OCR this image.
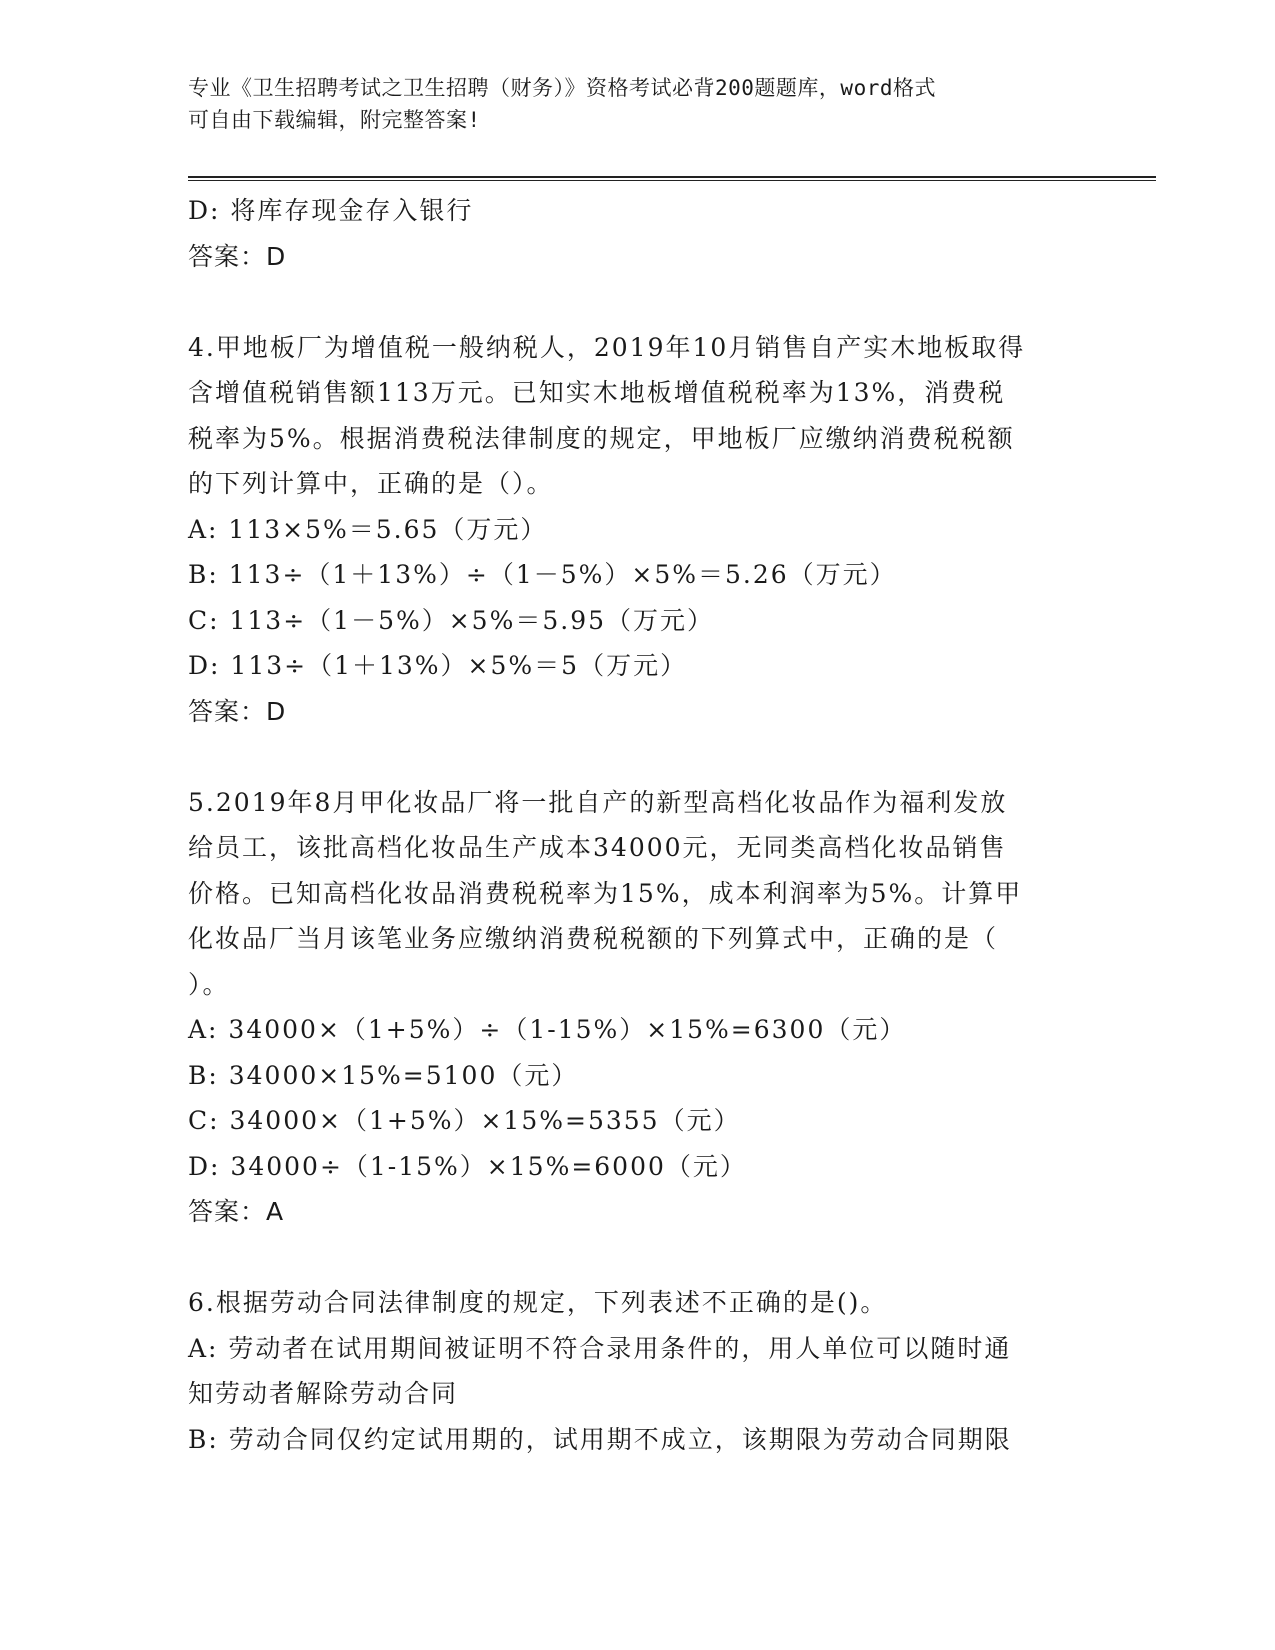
专业《卫生招聘考试之卫生招聘（财务）》资格考试必背200题题库，word格式
可自由下载编辑，附完整答案!
D: 将库存现金存入银行
答案：D
4.甲地板厂为增值税一般纳税人，2019年10月销售自产实木地板取得
含增值税销售额113万元。已知实木地板增值税税率为13%，消费税
税率为5%。根据消费税法律制度的规定，甲地板厂应缴纳消费税税额
的下列计算中，正确的是（）。
A: 113×5%＝5.65（万元）
B: 113÷（1＋13%）÷（1－5%）×5%＝5.26（万元）
C: 113÷（1－5%）×5%＝5.95（万元）
D: 113÷（1＋13%）×5%＝5（万元）
答案：D
5.2019年8月甲化妆品厂将一批自产的新型高档化妆品作为福利发放
给员工，该批高档化妆品生产成本34000元，无同类高档化妆品销售
价格。已知高档化妆品消费税税率为15%，成本利润率为5%。计算甲
化妆品厂当月该笔业务应缴纳消费税税额的下列算式中，正确的是（
）。
A: 34000×（1+5%）÷（1-15%）×15%=6300（元）
B: 34000×15%=5100（元）
C: 34000×（1+5%）×15%=5355（元）
D: 34000÷（1-15%）×15%=6000（元）
答案：A
6.根据劳动合同法律制度的规定，下列表述不正确的是()。
A: 劳动者在试用期间被证明不符合录用条件的，用人单位可以随时通
知劳动者解除劳动合同
B: 劳动合同仅约定试用期的，试用期不成立，该期限为劳动合同期限
